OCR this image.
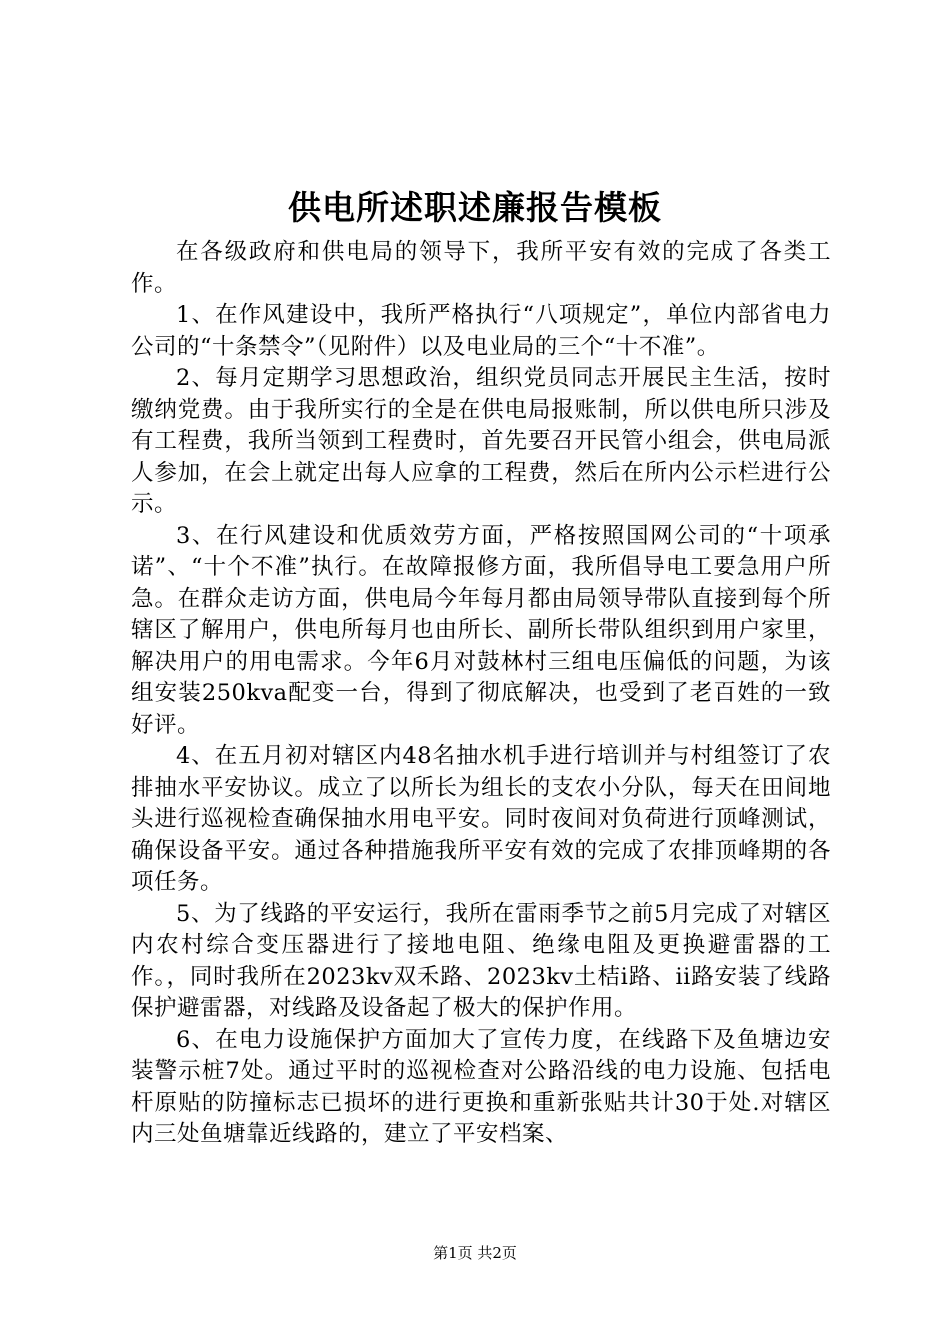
供电所述职述廉报告模板

在各级政府和供电局的领导下，我所平安有效的完成了各类工作。

1、在作风建设中，我所严格执行“八项规定”，单位内部省电力公司的“十条禁令”（见附件）以及电业局的三个“十不准”。

2、每月定期学习思想政治，组织党员同志开展民主生活，按时缴纳党费。由于我所实行的全是在供电局报账制，所以供电所只涉及有工程费，我所当领到工程费时，首先要召开民管小组会，供电局派人参加，在会上就定出每人应拿的工程费，然后在所内公示栏进行公示。

3、在行风建设和优质效劳方面，严格按照国网公司的“十项承诺”、“十个不准”执行。在故障报修方面，我所倡导电工要急用户所急。在群众走访方面，供电局今年每月都由局领导带队直接到每个所辖区了解用户，供电所每月也由所长、副所长带队组织到用户家里，解决用户的用电需求。今年6月对鼓林村三组电压偏低的问题，为该组安装250kva配变一台，得到了彻底解决，也受到了老百姓的一致好评。

4、在五月初对辖区内48名抽水机手进行培训并与村组签订了农排抽水平安协议。成立了以所长为组长的支农小分队，每天在田间地头进行巡视检查确保抽水用电平安。同时夜间对负荷进行顶峰测试，确保设备平安。通过各种措施我所平安有效的完成了农排顶峰期的各项任务。

5、为了线路的平安运行，我所在雷雨季节之前5月完成了对辖区内农村综合变压器进行了接地电阻、绝缘电阻及更换避雷器的工作。，同时我所在2023kv双禾路、2023kv土桔i路、ii路安装了线路保护避雷器，对线路及设备起了极大的保护作用。

6、在电力设施保护方面加大了宣传力度，在线路下及鱼塘边安装警示桩7处。通过平时的巡视检查对公路沿线的电力设施、包括电杆原贴的防撞标志已损坏的进行更换和重新张贴共计30于处.对辖区内三处鱼塘靠近线路的，建立了平安档案、

第1页 共2页
